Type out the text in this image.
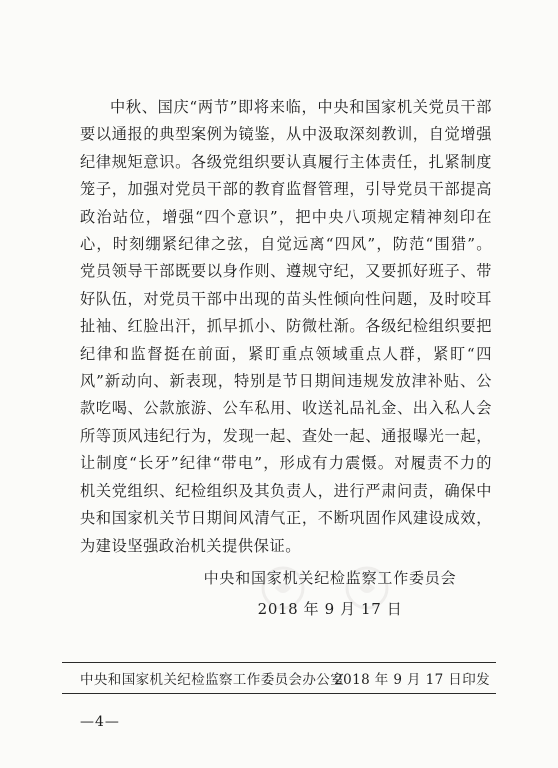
中秋、国庆“两节”即将来临，中央和国家机关党员干部要以通报的典型案例为镜鉴，从中汲取深刻教训，自觉增强纪律规矩意识。各级党组织要认真履行主体责任，扎紧制度笼子，加强对党员干部的教育监督管理，引导党员干部提高政治站位，增强“四个意识”，把中央八项规定精神刻印在心，时刻绷紧纪律之弦，自觉远离“四风”，防范“围猎”。党员领导干部既要以身作则、遵规守纪，又要抓好班子、带好队伍，对党员干部中出现的苗头性倾向性问题，及时咬耳扯袖、红脸出汗，抓早抓小、防微杜渐。各级纪检组织要把纪律和监督挺在前面，紧盯重点领域重点人群，紧盯“四风”新动向、新表现，特别是节日期间违规发放津补贴、公款吃喝、公款旅游、公车私用、收送礼品礼金、出入私人会所等顶风违纪行为，发现一起、查处一起、通报曝光一起，让制度“长牙”纪律“带电”，形成有力震慑。对履责不力的机关党组织、纪检组织及其负责人，进行严肃问责，确保中央和国家机关节日期间风清气正，不断巩固作风建设成效，为建设坚强政治机关提供保证。

中央和国家机关纪检监察工作委员会
2018 年 9 月 17 日
中央和国家机关纪检监察工作委员会办公室
2018 年 9 月 17 日印发
—4—
